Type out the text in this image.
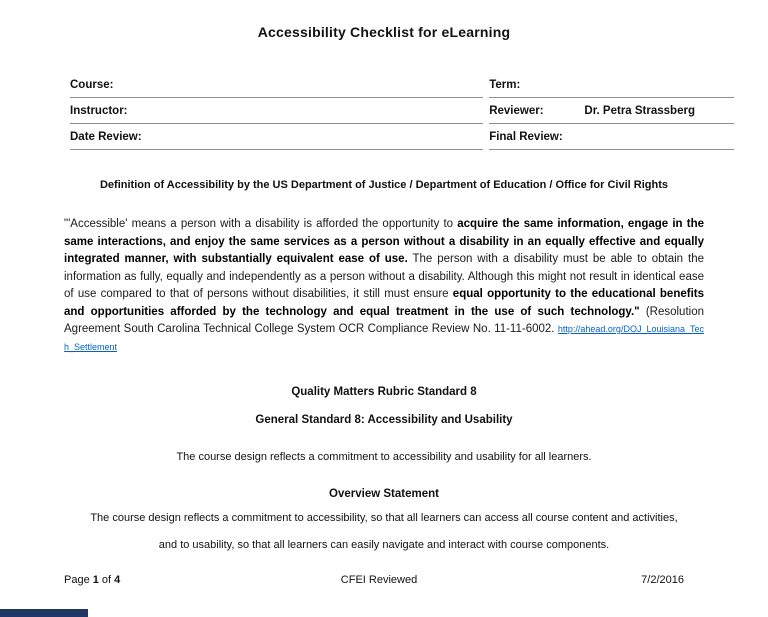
Accessibility Checklist for eLearning
Course:	Term:
Instructor:	Reviewer: Dr. Petra Strassberg
Date Review:	Final Review:
Definition of Accessibility by the US Department of Justice / Department of Education / Office for Civil Rights

"'Accessible' means a person with a disability is afforded the opportunity to acquire the same information, engage in the same interactions, and enjoy the same services as a person without a disability in an equally effective and equally integrated manner, with substantially equivalent ease of use. The person with a disability must be able to obtain the information as fully, equally and independently as a person without a disability. Although this might not result in identical ease of use compared to that of persons without disabilities, it still must ensure equal opportunity to the educational benefits and opportunities afforded by the technology and equal treatment in the use of such technology." (Resolution Agreement South Carolina Technical College System OCR Compliance Review No. 11-11-6002. http://ahead.org/DOJ_Louisiana_Tech_Settlement

Quality Matters Rubric Standard 8
General Standard 8: Accessibility and Usability
The course design reflects a commitment to accessibility and usability for all learners.
Overview Statement
The course design reflects a commitment to accessibility, so that all learners can access all course content and activities,
and to usability, so that all learners can easily navigate and interact with course components.
Page 1 of 4	CFEI Reviewed	7/2/2016
